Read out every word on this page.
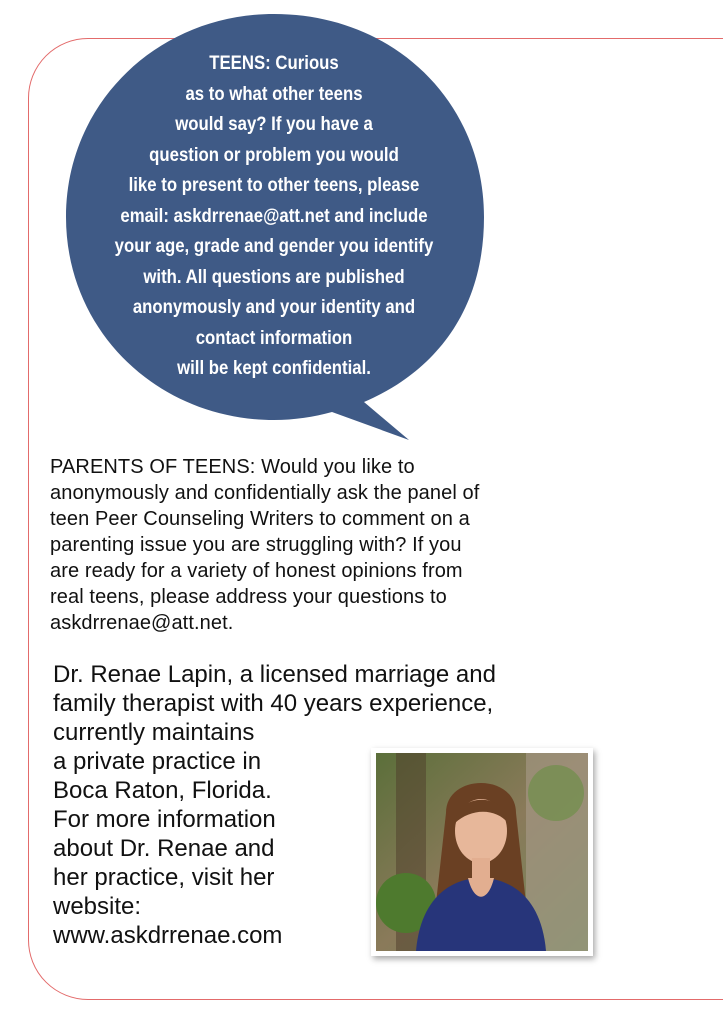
TEENS: Curious
as to what other teens
would say? If you have a
question or problem you would
like to present to other teens, please
email: askdrrenae@att.net and include
your age, grade and gender you identify
with. All questions are published
anonymously and your identity and
contact information
will be kept confidential.
PARENTS OF TEENS: Would you like to
anonymously and confidentially ask the panel of
teen Peer Counseling Writers to comment on a
parenting issue you are struggling with? If you
are ready for a variety of honest opinions from
real teens, please address your questions to
askdrrenae@att.net.
Dr. Renae Lapin, a licensed marriage and
family therapist with 40 years experience,
currently maintains
a private practice in
Boca Raton, Florida.
For more information
about Dr. Renae and
her practice, visit her
website:
www.askdrrenae.com
